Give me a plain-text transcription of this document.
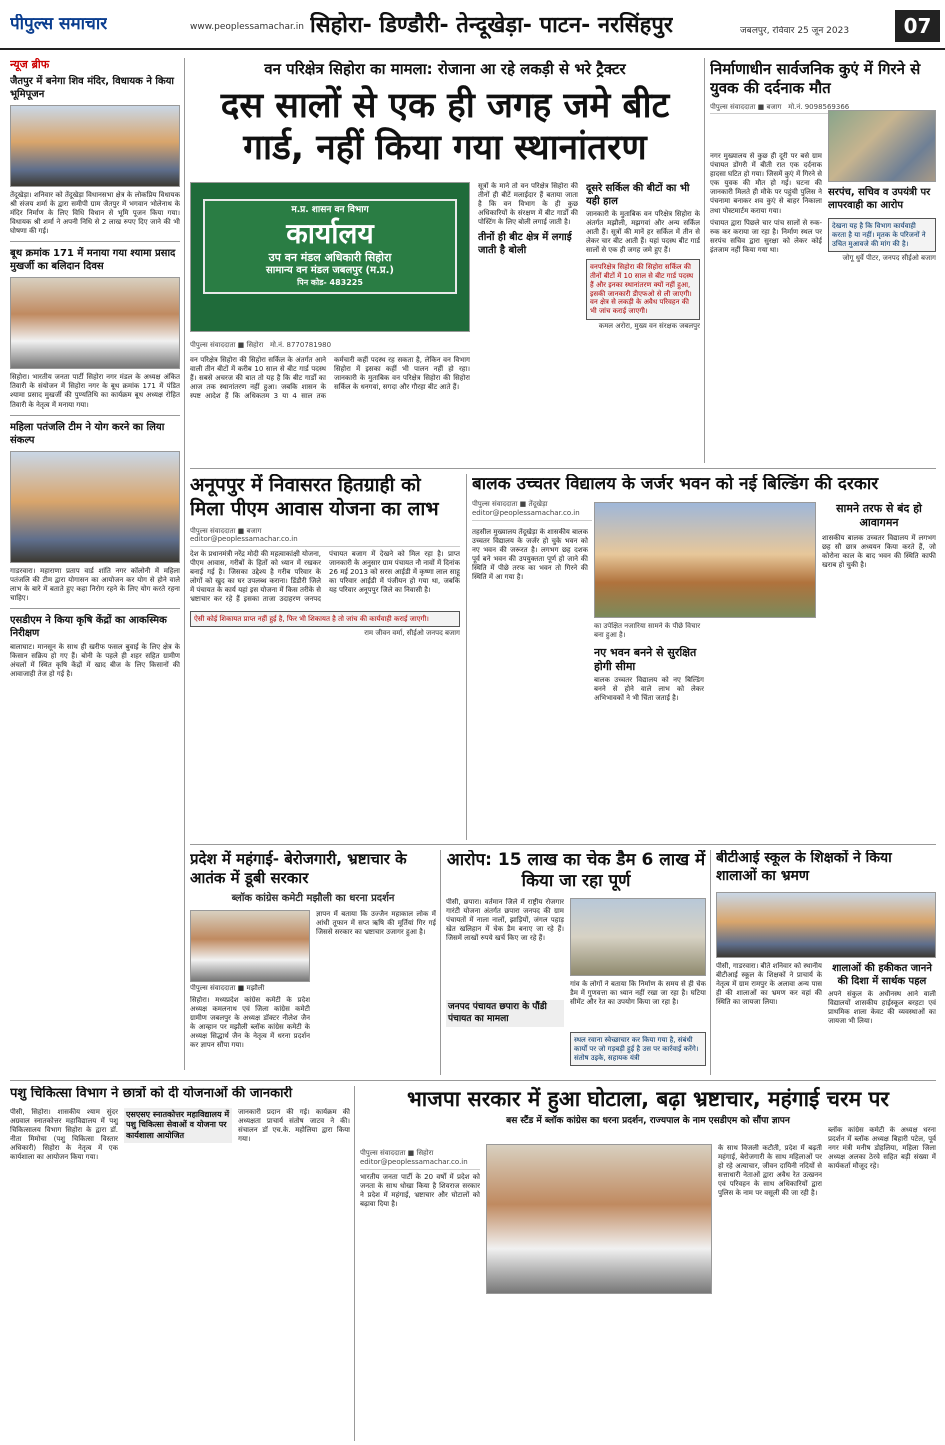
पीपुल्स समाचार	www.peoplessamachar.in सिहोरा- डिण्डौरी- तेन्दूखेड़ा- पाटन- नरसिंहपुर	जबलपुर, रविवार 25 जून 2023	07
न्यूज ब्रीफ
जैतपुर में बनेगा शिव मंदिर, विधायक ने किया भूमिपूजन
तेंदूखेड़ा। शनिवार को तेंदूखेड़ा विधानसभा क्षेत्र के लोकप्रिय विधायक श्री संजय शर्मा के द्वारा समीपी ग्राम जैतपुर में भगवान भोलेनाथ के मंदिर निर्माण के लिए विधि विधान से भूमि पूजन किया गया। विधायक श्री शर्मा ने अपनी निधि से 2 लाख रुपए दिए जाने की भी घोषणा की गई।
बूथ क्रमांक 171 में मनाया गया श्यामा प्रसाद मुखर्जी का बलिदान दिवस
सिहोरा। भारतीय जनता पार्टी सिहोरा नगर मंडल के अध्यक्ष अंकित तिवारी के संयोजन में सिहोरा नगर के बूथ क्रमांक 171 में पंडित श्यामा प्रसाद मुखर्जी की पुण्यतिथि का कार्यक्रम बूथ अध्यक्ष रोहित तिवारी के नेतृत्व में मनाया गया।
महिला पतंजलि टीम ने योग करने का लिया संकल्प
गाडरवारा। महाराणा प्रताप वार्ड शांति नगर कॉलोनी में महिला पतंजलि की टीम द्वारा योगासन का आयोजन कर योग से होने वाले लाभ के बारे में बताते हुए कहा निरोग रहने के लिए योग करते रहना चाहिए।
एसडीएम ने किया कृषि केंद्रों का आकस्मिक निरीक्षण
बालाघाट। मानसून के साथ ही खरीफ फसल बुवाई के लिए क्षेत्र के किसान सक्रिय हो गए हैं। बोनी के पहले ही शहर सहित ग्रामीण अंचलों में स्थित कृषि केंद्रों में खाद बीज के लिए किसानों की आवाजाही तेज हो गई है।
वन परिक्षेत्र सिहोरा का मामला: रोजाना आ रहे लकड़ी से भरे ट्रैक्टर
दस सालों से एक ही जगह जमे बीट गार्ड, नहीं किया गया स्थानांतरण
म.प्र. शासन वन विभाग
कार्यालय
उप वन मंडल अधिकारी सिहोरा
सामान्य वन मंडल जबलपुर (म.प्र.)
पिन कोड- 483225
पीपुल्स संवाददाता ■ सिहोरा मो.नं. 8770781980
वन परिक्षेत्र सिहोरा की सिहोरा सर्किल के अंतर्गत आने वाली तीन बीटों में करीब 10 साल से बीट गार्ड पदस्थ हैं। सबसे अचरज की बात तो यह है कि बीट गार्डों का आज तक स्थानांतरण नहीं हुआ। जबकि शासन के स्पष्ट आदेश हैं कि अधिकतम 3 या 4 साल तक कर्मचारी कहीं पदस्थ रह सकता है, लेकिन वन विभाग सिहोरा में इसका कहीं भी पालन नहीं हो रहा। जानकारी के मुताबिक वन परिक्षेत्र सिहोरा की सिहोरा सर्किल के धनगवां, सगदा और गौरहा बीट आते हैं।
सूत्रों के माने तो वन परिक्षेत्र सिहोरा की तीनों ही बीटें मलाईदार हैं बताया जाता है कि वन विभाग के ही कुछ अधिकारियों के संरक्षण में बीट गार्डों की पोस्टिंग के लिए बोली लगाई जाती है।
तीनों ही बीट क्षेत्र में लगाई जाती है बोली
दूसरे सर्किल की बीटों का भी यही हाल
जानकारी के मुताबिक वन परिक्षेत्र सिहोरा के अंतर्गत मझौली, मझगवां और अन्य सर्किल आती हैं। सूत्रों की मानें हर सर्किल में तीन से लेकर चार बीट आती हैं। यहां पदस्थ बीट गार्ड सालों से एक ही जगह जमे हुए हैं।
वनपरिक्षेत्र सिहोरा की सिहोरा सर्किल की तीनों बीटों में 10 साल से बीट गार्ड पदस्थ हैं और इनका स्थानांतरण क्यों नहीं हुआ, इसकी जानकारी डीएफओ से ली जाएगी। वन क्षेत्र से लकड़ी के अवैध परिवहन की भी जांच कराई जाएगी।
कमल अरोरा, मुख्य वन संरक्षक जबलपुर
निर्माणाधीन सार्वजनिक कुएं में गिरने से युवक की दर्दनाक मौत
पीपुल्स संवाददाता ■ बजाग मो.नं. 9098569366
नगर मुख्यालय से कुछ ही दूरी पर बसे ग्राम पंचायत डोंगरी में बीती रात एक दर्दनाक हादसा घटित हो गया। जिसमें कुएं में गिरने से एक युवक की मौत हो गई। घटना की जानकारी मिलते ही मौके पर पहुंची पुलिस ने पंचनामा बनाकर शव कुएं से बाहर निकाला तथा पोस्टमार्टम कराया गया।
पंचायत द्वारा पिछले चार पांच सालों से रुक-रुक कर कराया जा रहा है। निर्माण स्थल पर सरपंच सचिव द्वारा सुरक्षा को लेकर कोई इंतजाम नहीं किया गया था।
सरपंच, सचिव व उपयंत्री पर लापरवाही का आरोप
देखना यह है कि विभाग कार्यवाही करता है या नहीं। मृतक के परिजनों ने उचित मुआवजे की मांग की है।
जोगू धुर्वे पीटर, जनपद सीईओ बजाग
अनूपपुर में निवासरत हितग्राही को मिला पीएम आवास योजना का लाभ
पीपुल्स संवाददाता ■ बजाग
editor@peoplessamachar.co.in
देश के प्रधानमंत्री नरेंद्र मोदी की महत्वाकांक्षी योजना, पीएम आवास, गरीबों के हितों को ध्यान में रखकर बनाई गई है। जिसका उद्देश्य है गरीब परिवार के लोगों को खुद का घर उपलब्ध कराना। डिंडौरी जिले में पंचायत के कार्य यहां इस योजना में किस तरीके से भ्रष्टाचार कर रहे हैं इसका ताजा उदाहरण जनपद पंचायत बजाग में देखने को मिल रहा है। प्राप्त जानकारी के अनुसार ग्राम पंचायत नौ नावों में दिनांक 26 मई 2013 को सरस आईडी में कृष्णा लाल साहू का परिवार आईडी में पंजीयन हो गया था, जबकि यह परिवार अनूपपुर जिले का निवासी है।
ऐसी कोई शिकायत प्राप्त नहीं हुई है, फिर भी शिकायत है तो जांच की कार्यवाही कराई जाएगी।
राम जीवन वर्मा, सीईओ जनपद बजाग
बालक उच्चतर विद्यालय के जर्जर भवन को नई बिल्डिंग की दरकार
पीपुल्स संवाददाता ■ तेंदूखेड़ा
editor@peoplessamachar.co.in
तहसील मुख्यालय तेंदूखेड़ा के शासकीय बालक उच्चतर विद्यालय के जर्जर हो चुके भवन को नए भवन की जरूरत है। लगभग छह दशक पूर्व बने भवन की उपयुक्तता पूर्ण हो जाने की स्थिति में पीछे तरफ का भवन तो गिरने की स्थिति में आ गया है।
का उपेक्षित नजारिया सामने के पीछे विचार बना हुआ है।
नए भवन बनने से सुरक्षित होगी सीमा
बालक उच्चतर विद्यालय को नए बिल्डिंग बनने से होने वाले लाभ को लेकर अभिभावकों ने भी चिंता जताई है।
सामने तरफ से बंद हो आवागमन
शासकीय बालक उच्चतर विद्यालय में लगभग छह सौ छात्र अध्ययन किया करते हैं, जो कोरोना काल के बाद भवन की स्थिति काफी खराब हो चुकी है।
प्रदेश में महंगाई- बेरोजगारी, भ्रष्टाचार के आतंक में डूबी सरकार
ब्लॉक कांग्रेस कमेटी मझौली का धरना प्रदर्शन
पीपुल्स संवाददाता ■ मझौली
सिहोरा। मध्यप्रदेश कांग्रेस कमेटी के प्रदेश अध्यक्ष कमलनाथ एवं जिला कांग्रेस कमेटी ग्रामीण जबलपुर के अध्यक्ष डॉक्टर नीलेश जैन के आव्हान पर मझौली ब्लॉक कांग्रेस कमेटी के अध्यक्ष सिद्धार्थ जैन के नेतृत्व में धरना प्रदर्शन कर ज्ञापन सौंपा गया।
ज्ञापन में बताया कि उज्जैन महाकाल लोक में आंधी तूफान में सप्त ऋषि की मूर्तियां गिर गई जिससे सरकार का भ्रष्टाचार उजागर हुआ है।
आरोप: 15 लाख का चेक डैम 6 लाख में किया जा रहा पूर्ण
पीसी, छपारा। वर्तमान जिले में राष्ट्रीय रोजगार गारंटी योजना अंतर्गत छपारा जनपद की ग्राम पंचायतों में नाला नालों, झाड़ियों, जंगल पहाड़ खेत खलिहान में चेक डैम बनाए जा रहे हैं। जिसमें लाखों रुपये खर्च किए जा रहे हैं।
जनपद पंचायत छपारा के पौंडी पंचायत का मामला
गांव के लोगों ने बताया कि निर्माण के समय से ही चेक डैम में गुणवत्ता का ध्यान नहीं रखा जा रहा है। घटिया सीमेंट और रेत का उपयोग किया जा रहा है।
स्थल रवाना स्वेच्छाचार कर किया गया है, संबंधी कार्यों पर जो गड़बड़ी हुई है उस पर कार्रवाई करेंगे।
संतोष उइके, सहायक यंत्री
बीटीआई स्कूल के शिक्षकों ने किया शालाओं का भ्रमण
पीसी, गाडरवारा। बीते शनिवार को स्थानीय बीटीआई स्कूल के शिक्षकों ने प्राचार्य के नेतृत्व में ग्राम रामपुर के अलावा अन्य पास ही की शालाओं का भ्रमण कर वहां की स्थिति का जायजा लिया।
शालाओं की हकीकत जानने की दिशा में सार्थक पहल
अपने संकुल के अधीनस्थ आने वाली विद्यालयों शासकीय हाईस्कूल बरहटा एवं प्राथमिक शाला केवट की व्यवस्थाओं का जायजा भी लिया।
पशु चिकित्सा विभाग ने छात्रों को दी योजनाओं की जानकारी
पीसी, सिहोरा। शासकीय श्याम सुंदर अग्रवाल स्नातकोत्तर महाविद्यालय में पशु चिकित्सालय विभाग सिहोरा के द्वारा डॉ. नीता मिमोचा (पशु चिकित्सा विस्तार अधिकारी) सिहोरा के नेतृत्व में एक कार्यशाला का आयोजन किया गया।
एसएसए स्नातकोत्तर महाविद्यालय में पशु चिकित्सा सेवाओं व योजना पर कार्यशाला आयोजित
जानकारी प्रदान की गई। कार्यक्रम की अध्यक्षता प्राचार्य संतोष जाटव ने की। संचालन डॉ एच.के. महोलिया द्वारा किया गया।
भाजपा सरकार में हुआ घोटाला, बढ़ा भ्रष्टाचार, महंगाई चरम पर
बस स्टैंड में ब्लॉक कांग्रेस का धरना प्रदर्शन, राज्यपाल के नाम एसडीएम को सौंपा ज्ञापन
पीपुल्स संवाददाता ■ सिहोरा
editor@peoplessamachar.co.in
भारतीय जनता पार्टी के 20 वर्षों में प्रदेश को जनता के साथ धोखा किया है शिवराज सरकार ने प्रदेश में महंगाई, भ्रष्टाचार और घोटालों को बढ़ावा दिया है।
के साथ विजली कटौती, प्रदेश में बढ़ती महंगाई, बेरोजगारी के साथ महिलाओं पर हो रहे अत्याचार, जीवन दायिनी नदियों से सत्ताधारी नेताओं द्वारा अवैध रेत उत्खनन एवं परिवहन के साथ अधिकारियों द्वारा पुलिस के नाम पर वसूली की जा रही है।
ब्लॉक कांग्रेस कमेटी के अध्यक्ष धरना प्रदर्शन में ब्लॉक अध्यक्ष बिहारी पटेल, पूर्व नगर मंत्री मनीष डोहलिया, महिला जिला अध्यक्ष अलका ठेरवे सहित बड़ी संख्या में कार्यकर्ता मौजूद रहे।
